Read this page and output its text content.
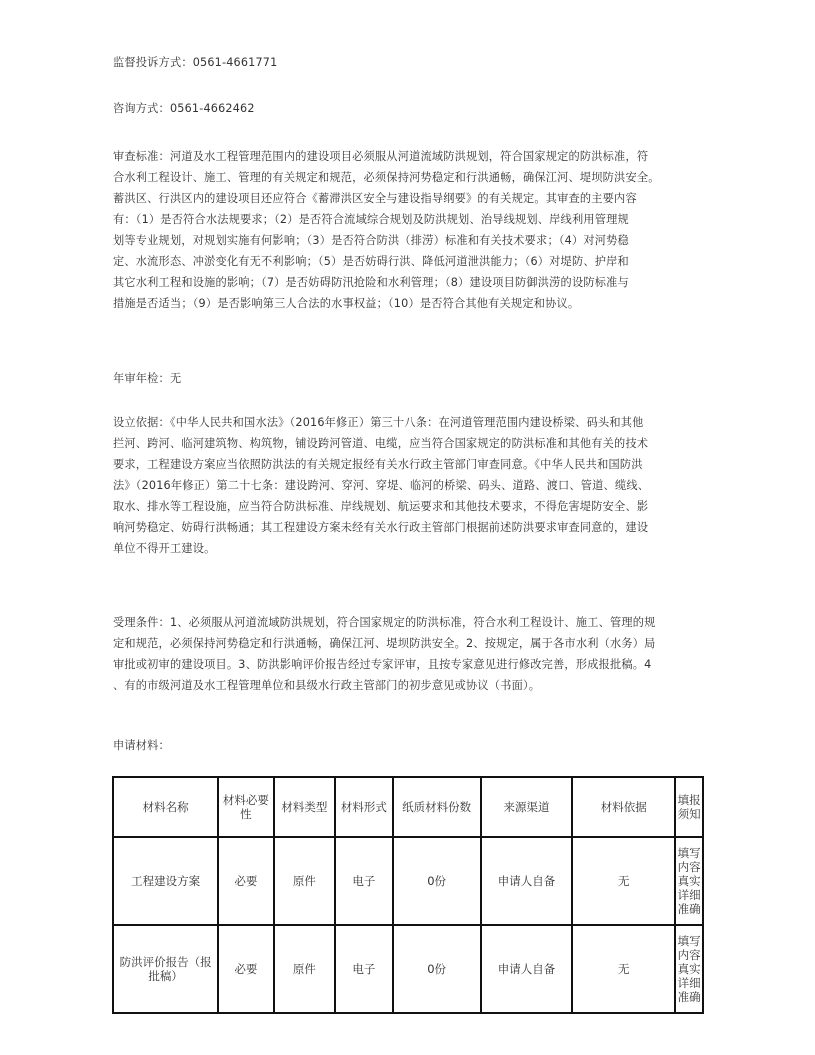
监督投诉方式：0561-4661771

咨询方式：0561-4662462

审查标准：河道及水工程管理范围内的建设项目必须服从河道流域防洪规划，符合国家规定的防洪标准，符
合水利工程设计、施工、管理的有关规定和规范，必须保持河势稳定和行洪通畅，确保江河、堤坝防洪安全。
蓄洪区、行洪区内的建设项目还应符合《蓄滞洪区安全与建设指导纲要》的有关规定。其审查的主要内容
有：（1）是否符合水法规要求；（2）是否符合流域综合规划及防洪规划、治导线规划、岸线利用管理规
划等专业规划，对规划实施有何影响；（3）是否符合防洪（排涝）标准和有关技术要求；（4）对河势稳
定、水流形态、冲淤变化有无不利影响；（5）是否妨碍行洪、降低河道泄洪能力；（6）对堤防、护岸和
其它水利工程和设施的影响；（7）是否妨碍防汛抢险和水利管理；（8）建设项目防御洪涝的设防标准与
措施是否适当；（9）是否影响第三人合法的水事权益；（10）是否符合其他有关规定和协议。

年审年检：无

设立依据：《中华人民共和国水法》（2016年修正）第三十八条：在河道管理范围内建设桥梁、码头和其他
拦河、跨河、临河建筑物、构筑物，铺设跨河管道、电缆，应当符合国家规定的防洪标准和其他有关的技术
要求，工程建设方案应当依照防洪法的有关规定报经有关水行政主管部门审查同意。《中华人民共和国防洪
法》（2016年修正）第二十七条：建设跨河、穿河、穿堤、临河的桥梁、码头、道路、渡口、管道、缆线、
取水、排水等工程设施，应当符合防洪标准、岸线规划、航运要求和其他技术要求，不得危害堤防安全、影
响河势稳定、妨碍行洪畅通；其工程建设方案未经有关水行政主管部门根据前述防洪要求审查同意的，建设
单位不得开工建设。

受理条件：1、必须服从河道流域防洪规划，符合国家规定的防洪标准，符合水利工程设计、施工、管理的规
定和规范，必须保持河势稳定和行洪通畅，确保江河、堤坝防洪安全。2、按规定，属于各市水利（水务）局
审批或初审的建设项目。3、防洪影响评价报告经过专家评审，且按专家意见进行修改完善，形成报批稿。4
、有的市级河道及水工程管理单位和县级水行政主管部门的初步意见或协议（书面）。

申请材料：

材料名称	材料必要性	材料类型	材料形式	纸质材料份数	来源渠道	材料依据	填报须知
工程建设方案	必要	原件	电子	0份	申请人自备	无	填写内容真实详细准确
防洪评价报告（报批稿）	必要	原件	电子	0份	申请人自备	无	填写内容真实详细准确
